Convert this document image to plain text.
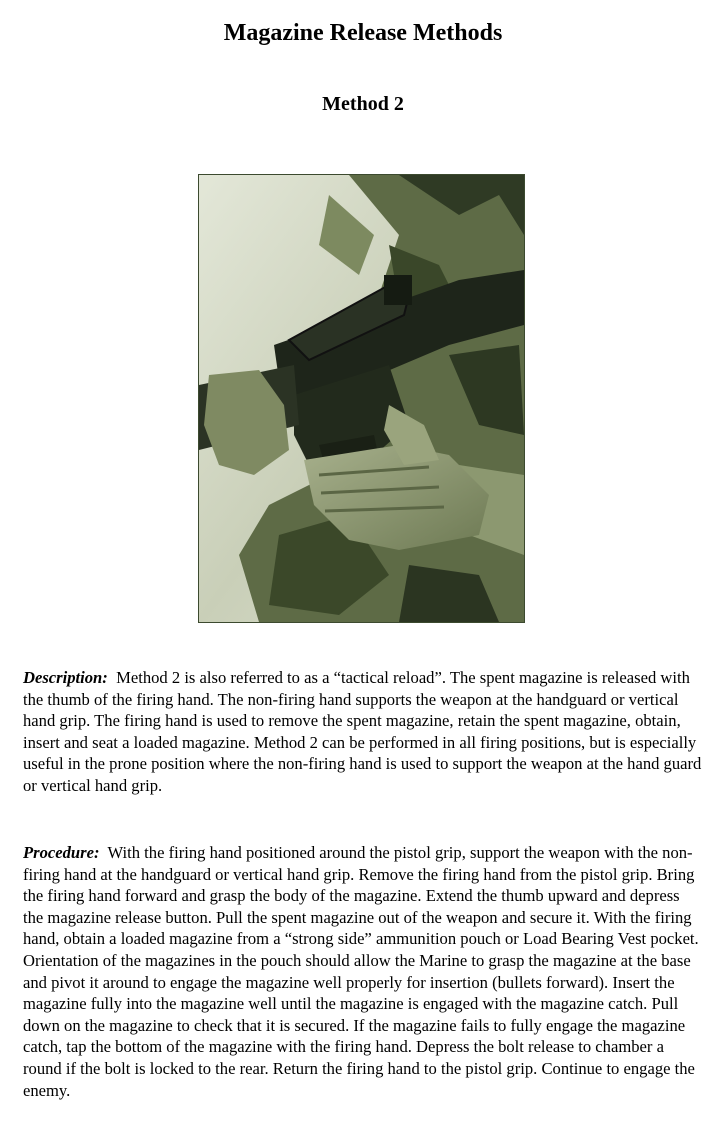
Magazine Release Methods
Method 2

Description: Method 2 is also referred to as a “tactical reload”. The spent magazine is released with the thumb of the firing hand. The non-firing hand supports the weapon at the handguard or vertical hand grip. The firing hand is used to remove the spent magazine, retain the spent magazine, obtain, insert and seat a loaded magazine. Method 2 can be performed in all firing positions, but is especially useful in the prone position where the non-firing hand is used to support the weapon at the hand guard or vertical hand grip.

Procedure: With the firing hand positioned around the pistol grip, support the weapon with the non-firing hand at the handguard or vertical hand grip. Remove the firing hand from the pistol grip. Bring the firing hand forward and grasp the body of the magazine. Extend the thumb upward and depress the magazine release button. Pull the spent magazine out of the weapon and secure it. With the firing hand, obtain a loaded magazine from a “strong side” ammunition pouch or Load Bearing Vest pocket. Orientation of the magazines in the pouch should allow the Marine to grasp the magazine at the base and pivot it around to engage the magazine well properly for insertion (bullets forward). Insert the magazine fully into the magazine well until the magazine is engaged with the magazine catch. Pull down on the magazine to check that it is secured. If the magazine fails to fully engage the magazine catch, tap the bottom of the magazine with the firing hand. Depress the bolt release to chamber a round if the bolt is locked to the rear. Return the firing hand to the pistol grip. Continue to engage the enemy.
